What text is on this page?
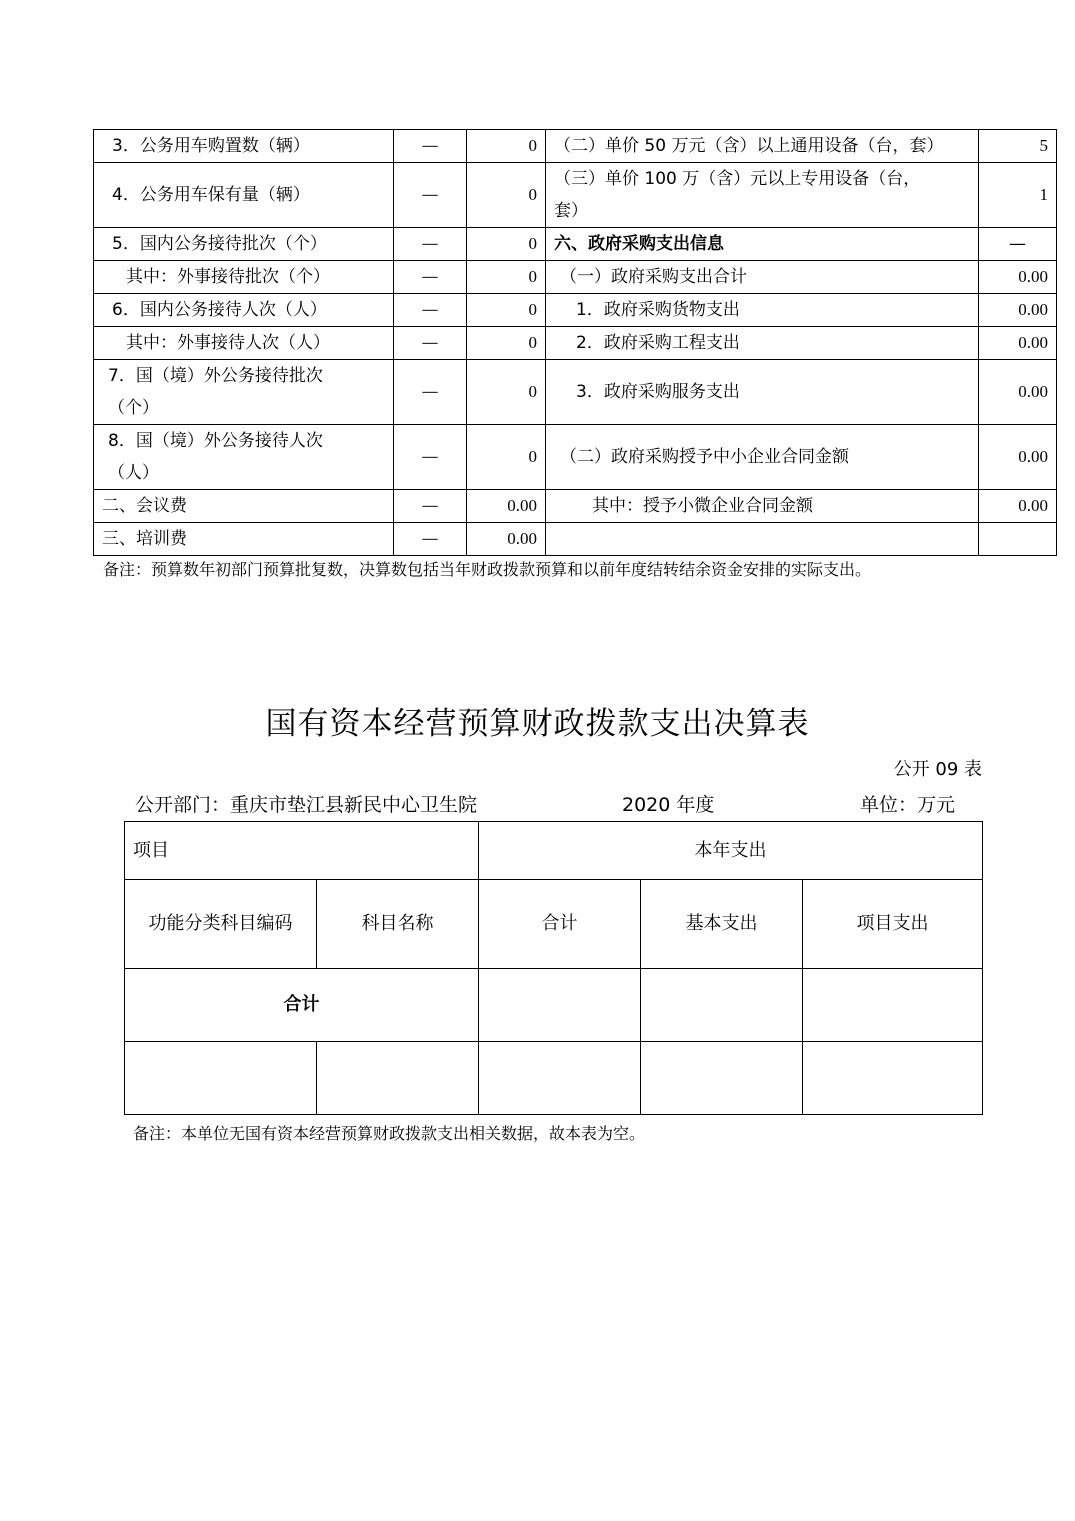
3．公务用车购置数（辆）	—	0	（二）单价 50 万元（含）以上通用设备（台，套）	5
4．公务用车保有量（辆）	—	0	（三）单价 100 万（含）元以上专用设备（台，套）	1
5．国内公务接待批次（个）	—	0	六、政府采购支出信息	—
其中：外事接待批次（个）	—	0	（一）政府采购支出合计	0.00
6．国内公务接待人次（人）	—	0	1．政府采购货物支出	0.00
其中：外事接待人次（人）	—	0	2．政府采购工程支出	0.00
7．国（境）外公务接待批次（个）	—	0	3．政府采购服务支出	0.00
8．国（境）外公务接待人次（人）	—	0	（二）政府采购授予中小企业合同金额	0.00
二、会议费	—	0.00	其中：授予小微企业合同金额	0.00
三、培训费	—	0.00		
备注：预算数年初部门预算批复数，决算数包括当年财政拨款预算和以前年度结转结余资金安排的实际支出。
国有资本经营预算财政拨款支出决算表
公开 09 表
公开部门：重庆市垫江县新民中心卫生院	2020 年度	单位：万元
项目		本年支出		
功能分类科目编码	科目名称	合计	基本支出	项目支出
合计				

备注：本单位无国有资本经营预算财政拨款支出相关数据，故本表为空。
